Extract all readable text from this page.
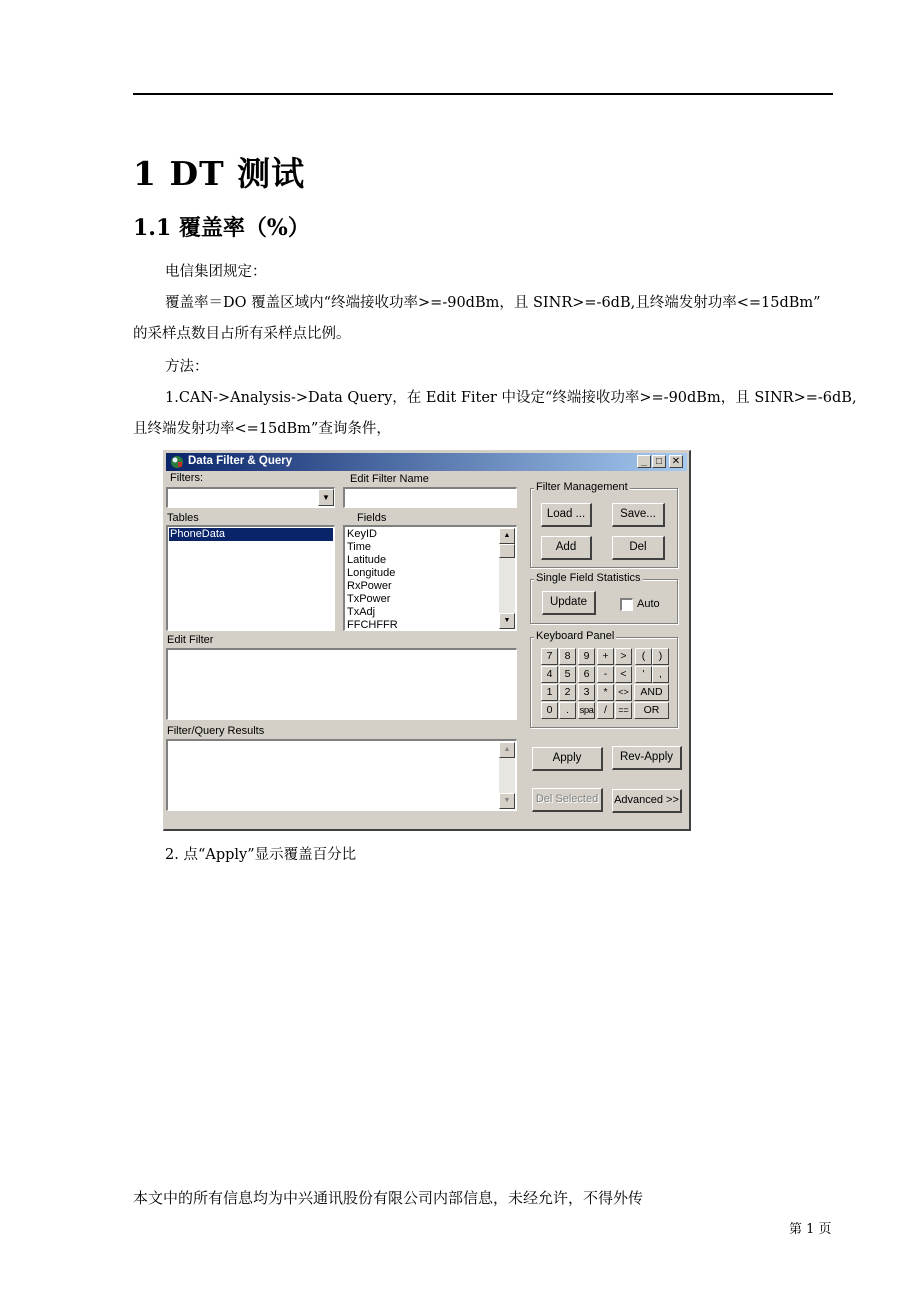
1 DT 测试
1.1 覆盖率（%）
电信集团规定：
覆盖率＝DO 覆盖区域内“终端接收功率>=-90dBm，且 SINR>=-6dB,且终端发射功率<=15dBm”
的采样点数目占所有采样点比例。
方法：
1.CAN->Analysis->Data Query，在 Edit Fiter 中设定“终端接收功率>=-90dBm，且 SINR>=-6dB,
且终端发射功率<=15dBm”查询条件，
2. 点“Apply”显示覆盖百分比
本文中的所有信息均为中兴通讯股份有限公司内部信息，未经允许，不得外传
第 1 页
Data Filter & Query	_ □ ✕
Filters:
▼
Edit Filter Name
Tables
PhoneData
Fields
KeyID
Time
Latitude
Longitude
RxPower
TxPower
TxAdj
FFCHFFR
▲
▼
Edit Filter
Filter/Query Results
▲
▼
Filter Management
Load ...	Save...
Add	Del
Single Field Statistics
Update	Auto
Keyboard Panel
7	8	9	+	>	(	)
4	5	6	-	<	'	,
1	2	3	*	<>	AND
0	.	spa	/	==	OR
Apply	Rev-Apply
Del Selected	Advanced >>
